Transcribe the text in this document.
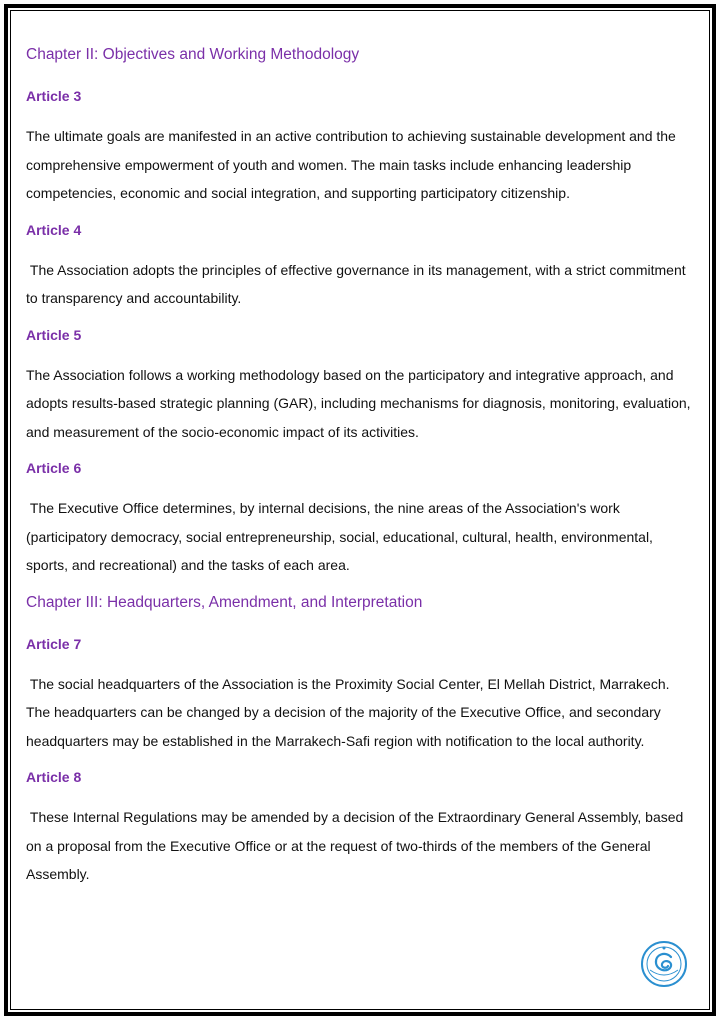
Chapter II: Objectives and Working Methodology
Article 3

The ultimate goals are manifested in an active contribution to achieving sustainable development and the comprehensive empowerment of youth and women. The main tasks include enhancing leadership competencies, economic and social integration, and supporting participatory citizenship.

Article 4

The Association adopts the principles of effective governance in its management, with a strict commitment to transparency and accountability.

Article 5

The Association follows a working methodology based on the participatory and integrative approach, and adopts results-based strategic planning (GAR), including mechanisms for diagnosis, monitoring, evaluation, and measurement of the socio-economic impact of its activities.

Article 6

The Executive Office determines, by internal decisions, the nine areas of the Association's work (participatory democracy, social entrepreneurship, social, educational, cultural, health, environmental, sports, and recreational) and the tasks of each area.

Chapter III: Headquarters, Amendment, and Interpretation
Article 7

The social headquarters of the Association is the Proximity Social Center, El Mellah District, Marrakech. The headquarters can be changed by a decision of the majority of the Executive Office, and secondary headquarters may be established in the Marrakech-Safi region with notification to the local authority.

Article 8

These Internal Regulations may be amended by a decision of the Extraordinary General Assembly, based on a proposal from the Executive Office or at the request of two-thirds of the members of the General Assembly.
